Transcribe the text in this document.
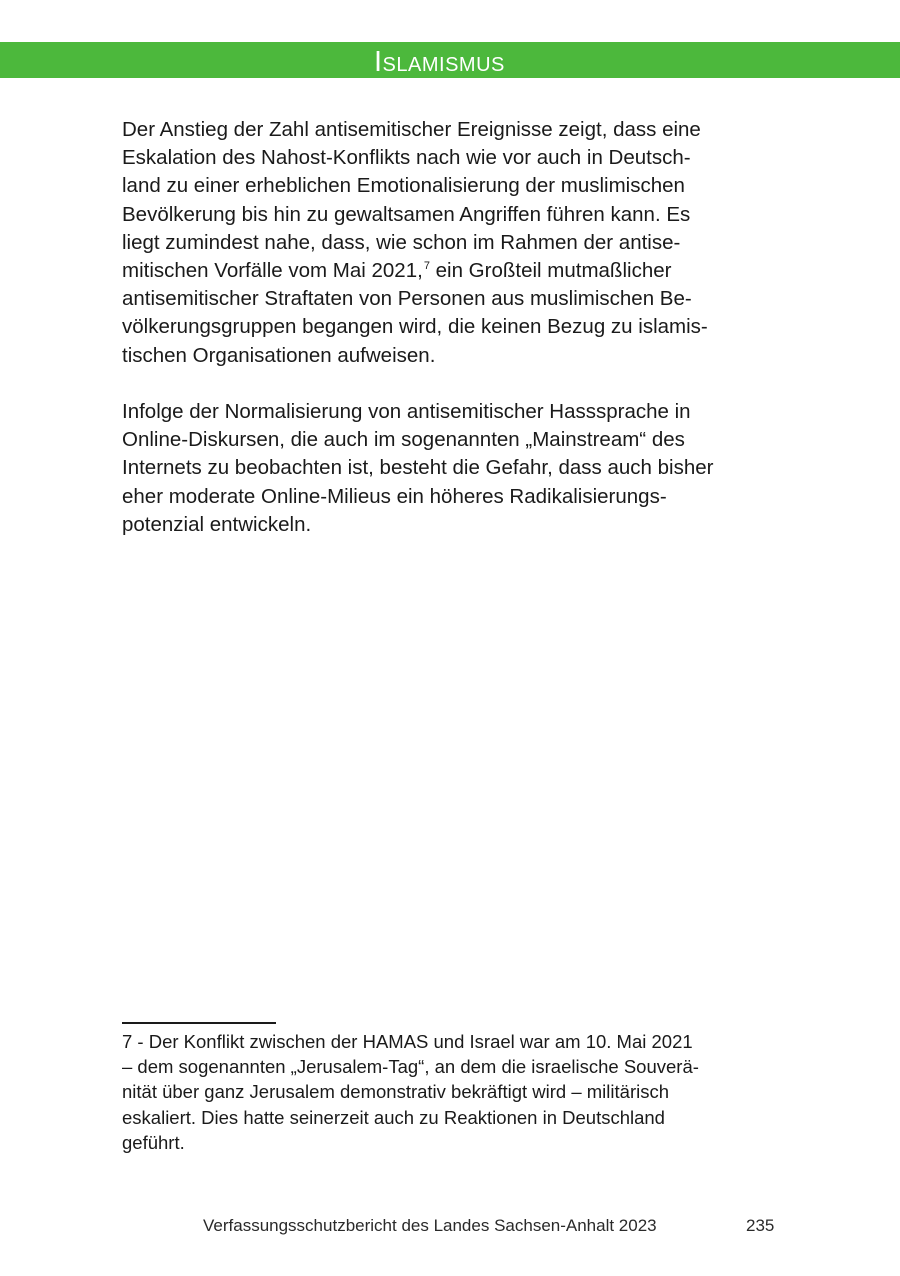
Islamismus
Der Anstieg der Zahl antisemitischer Ereignisse zeigt, dass eine
Eskalation des Nahost-Konflikts nach wie vor auch in Deutsch-
land zu einer erheblichen Emotionalisierung der muslimischen
Bevölkerung bis hin zu gewaltsamen Angriffen führen kann. Es
liegt zumindest nahe, dass, wie schon im Rahmen der antise-
mitischen Vorfälle vom Mai 2021,$^7$ ein Großteil mutmaßlicher
antisemitischer Straftaten von Personen aus muslimischen Be-
völkerungsgruppen begangen wird, die keinen Bezug zu islamis-
tischen Organisationen aufweisen.
Infolge der Normalisierung von antisemitischer Hasssprache in
Online-Diskursen, die auch im sogenannten „Mainstream“ des
Internets zu beobachten ist, besteht die Gefahr, dass auch bisher
eher moderate Online-Milieus ein höheres Radikalisierungs-
potenzial entwickeln.
7 - Der Konflikt zwischen der HAMAS und Israel war am 10. Mai 2021
– dem sogenannten „Jerusalem-Tag“, an dem die israelische Souverä-
nität über ganz Jerusalem demonstrativ bekräftigt wird – militärisch
eskaliert. Dies hatte seinerzeit auch zu Reaktionen in Deutschland
geführt.
Verfassungsschutzbericht des Landes Sachsen-Anhalt 2023	235
